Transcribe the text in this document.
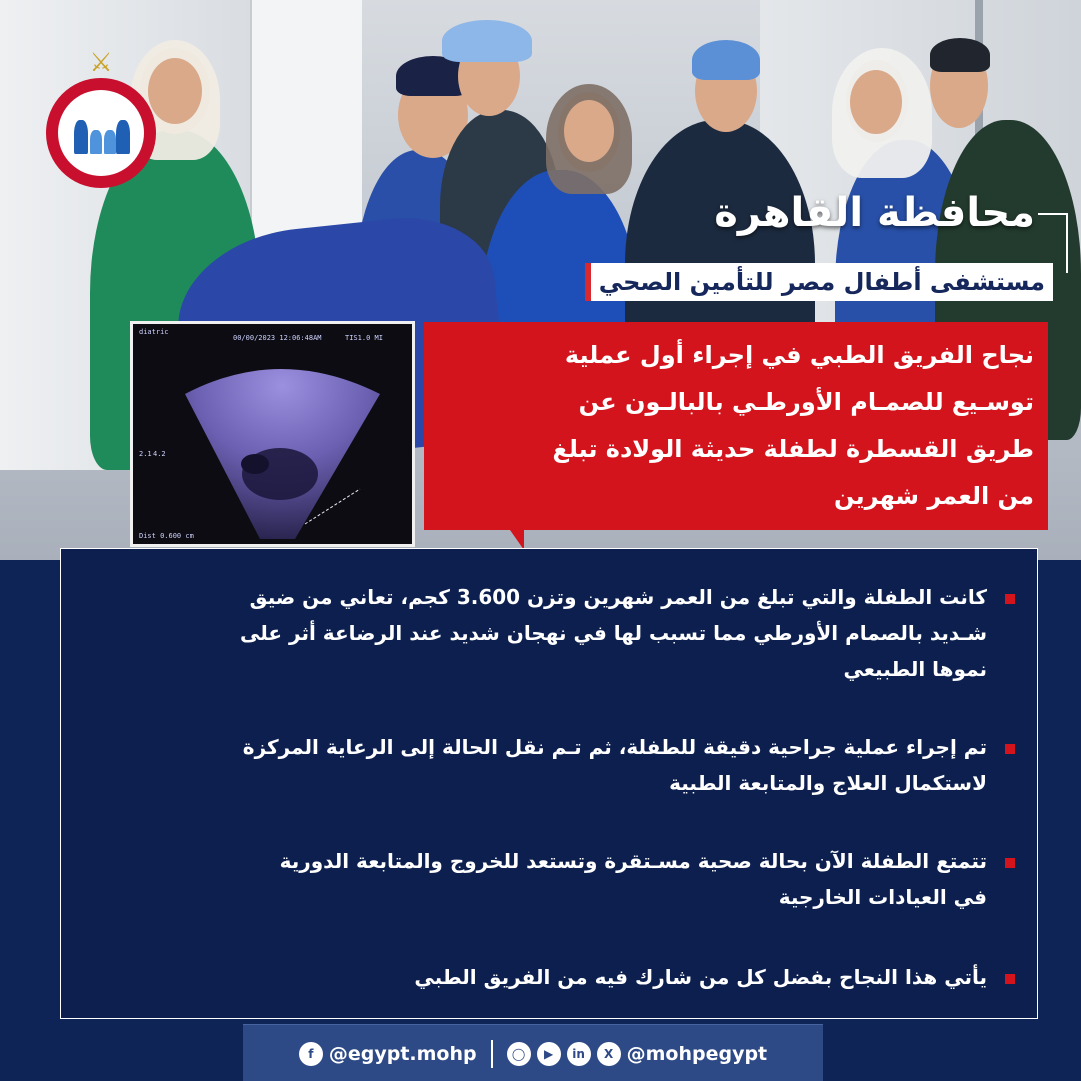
⚔
diatric
00/00/2023 12:06:48AM	TIS1.0 MI
2.1 4.2
Dist 0.600 cm
محافظة القاهرة
مستشفى أطفال مصر للتأمين الصحي

نجاح الفريق الطبي في إجراء أول عملية

توسـيع للصمـام الأورطـي بالبالـون عن

طريق القسطرة لطفلة حديثة الولادة تبلغ

من العمر شهرين

كانت الطفلة والتي تبلغ من العمر شهرين وتزن 3.600 كجم، تعاني من ضيق

شـديد بالصمام الأورطي مما تسبب لها في نهجان شديد عند الرضاعة أثر على

نموها الطبيعي

تم إجراء عملية جراحية دقيقة للطفلة، ثم تـم نقل الحالة إلى الرعاية المركزة

لاستكمال العلاج والمتابعة الطبية

تتمتع الطفلة الآن بحالة صحية مسـتقرة وتستعد للخروج والمتابعة الدورية

في العيادات الخارجية

يأتي هذا النجاح بفضل كل من شارك فيه من الفريق الطبي

f @egypt.mohp	◯	▶	in	X @mohpegypt
